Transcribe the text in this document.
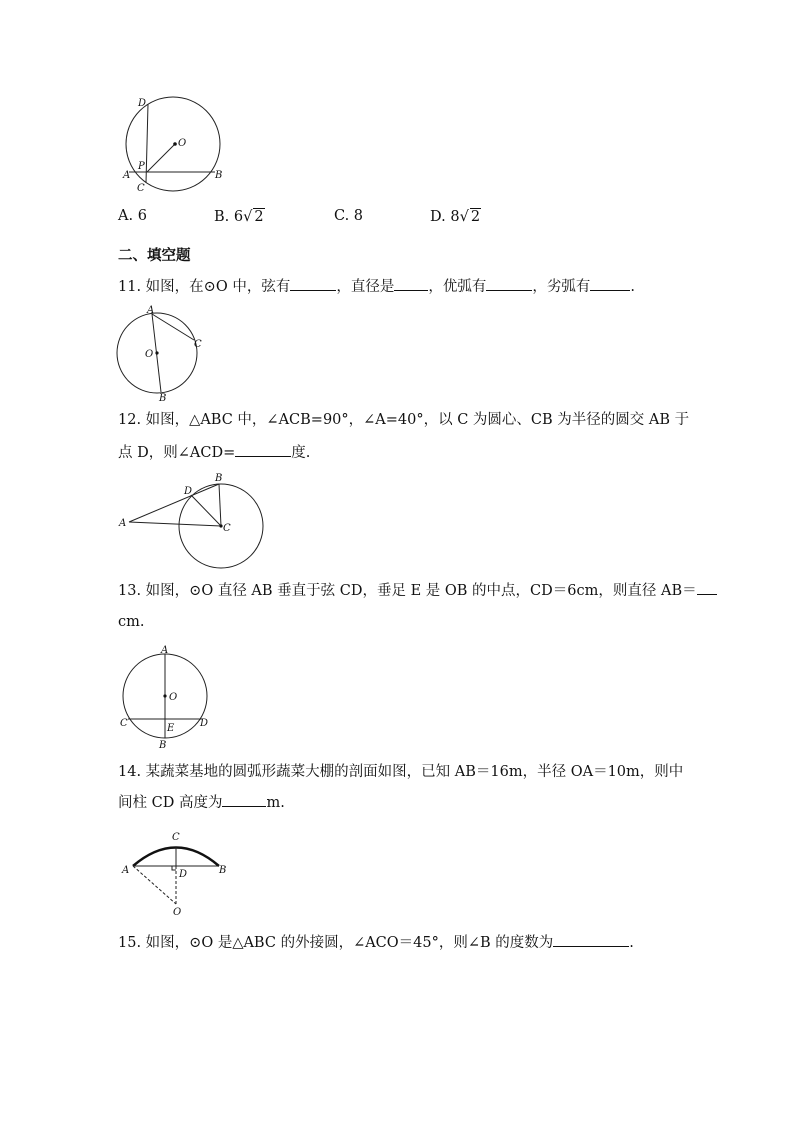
D
O
P
A
C
B
A. 6	B. 6√ 2	C. 8	D. 8√ 2
二、填空题
11. 如图，在⊙O 中，弦有	，直径是 ，优弧有	，劣弧有	.
A
C
O
B
12. 如图，△ABC 中，∠ACB=90°，∠A=40°，以 C 为圆心、CB 为半径的圆交 AB 于
点 D，则∠ACD=	度.
A
B
D
C
13. 如图，⊙O 直径 AB 垂直于弦 CD，垂足 E 是 OB 的中点，CD＝6cm，则直径 AB＝
cm.
A
O
C	E	D
B
14. 某蔬菜基地的圆弧形蔬菜大棚的剖面如图，已知 AB＝16m，半径 OA＝10m，则中
间柱 CD 高度为	m.
C
A	D	B
O
15. 如图，⊙O 是△ABC 的外接圆，∠ACO＝45°，则∠B 的度数为	.
